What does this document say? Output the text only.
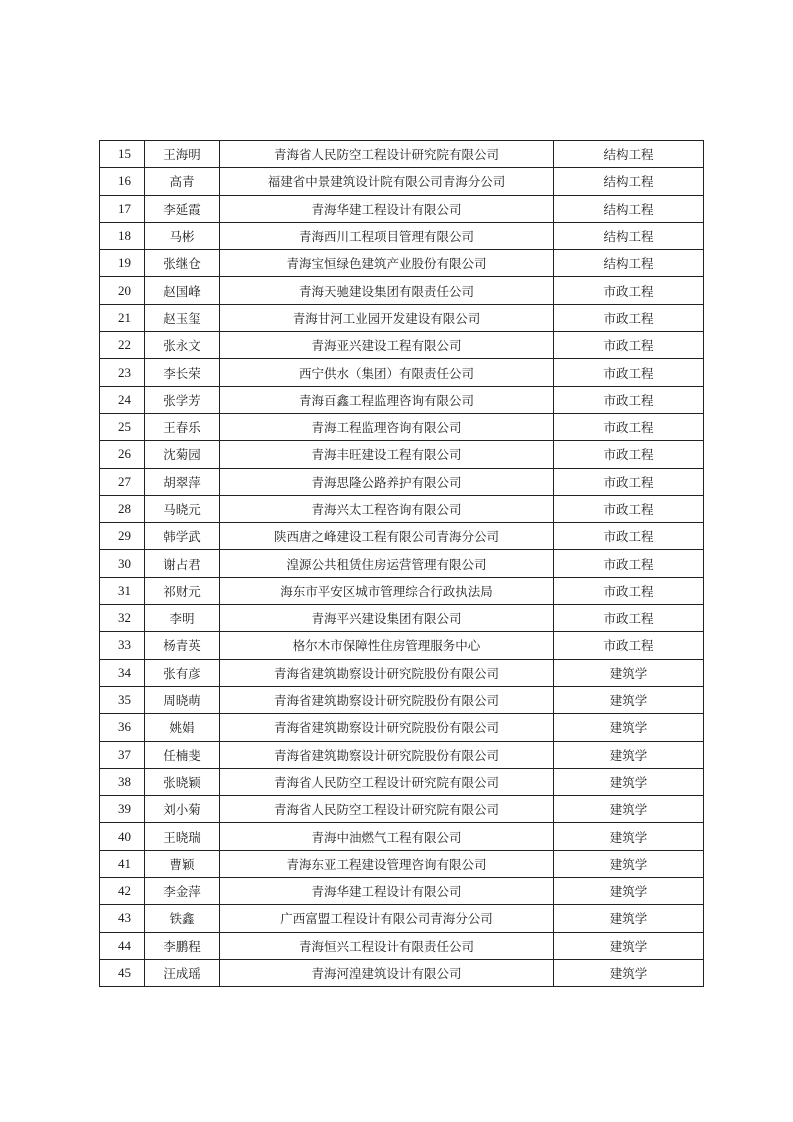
15	王海明	青海省人民防空工程设计研究院有限公司	结构工程
16	高青	福建省中景建筑设计院有限公司青海分公司	结构工程
17	李延霞	青海华建工程设计有限公司	结构工程
18	马彬	青海西川工程项目管理有限公司	结构工程
19	张继仓	青海宝恒绿色建筑产业股份有限公司	结构工程
20	赵国峰	青海天驰建设集团有限责任公司	市政工程
21	赵玉玺	青海甘河工业园开发建设有限公司	市政工程
22	张永文	青海亚兴建设工程有限公司	市政工程
23	李长荣	西宁供水（集团）有限责任公司	市政工程
24	张学芳	青海百鑫工程监理咨询有限公司	市政工程
25	王春乐	青海工程监理咨询有限公司	市政工程
26	沈菊园	青海丰旺建设工程有限公司	市政工程
27	胡翠萍	青海思隆公路养护有限公司	市政工程
28	马晓元	青海兴太工程咨询有限公司	市政工程
29	韩学武	陕西唐之峰建设工程有限公司青海分公司	市政工程
30	谢占君	湟源公共租赁住房运营管理有限公司	市政工程
31	祁财元	海东市平安区城市管理综合行政执法局	市政工程
32	李明	青海平兴建设集团有限公司	市政工程
33	杨青英	格尔木市保障性住房管理服务中心	市政工程
34	张有彦	青海省建筑勘察设计研究院股份有限公司	建筑学
35	周晓萌	青海省建筑勘察设计研究院股份有限公司	建筑学
36	姚娟	青海省建筑勘察设计研究院股份有限公司	建筑学
37	任楠斐	青海省建筑勘察设计研究院股份有限公司	建筑学
38	张晓颖	青海省人民防空工程设计研究院有限公司	建筑学
39	刘小菊	青海省人民防空工程设计研究院有限公司	建筑学
40	王晓瑞	青海中油燃气工程有限公司	建筑学
41	曹颖	青海东亚工程建设管理咨询有限公司	建筑学
42	李金萍	青海华建工程设计有限公司	建筑学
43	铁鑫	广西富盟工程设计有限公司青海分公司	建筑学
44	李鹏程	青海恒兴工程设计有限责任公司	建筑学
45	汪成瑶	青海河湟建筑设计有限公司	建筑学
